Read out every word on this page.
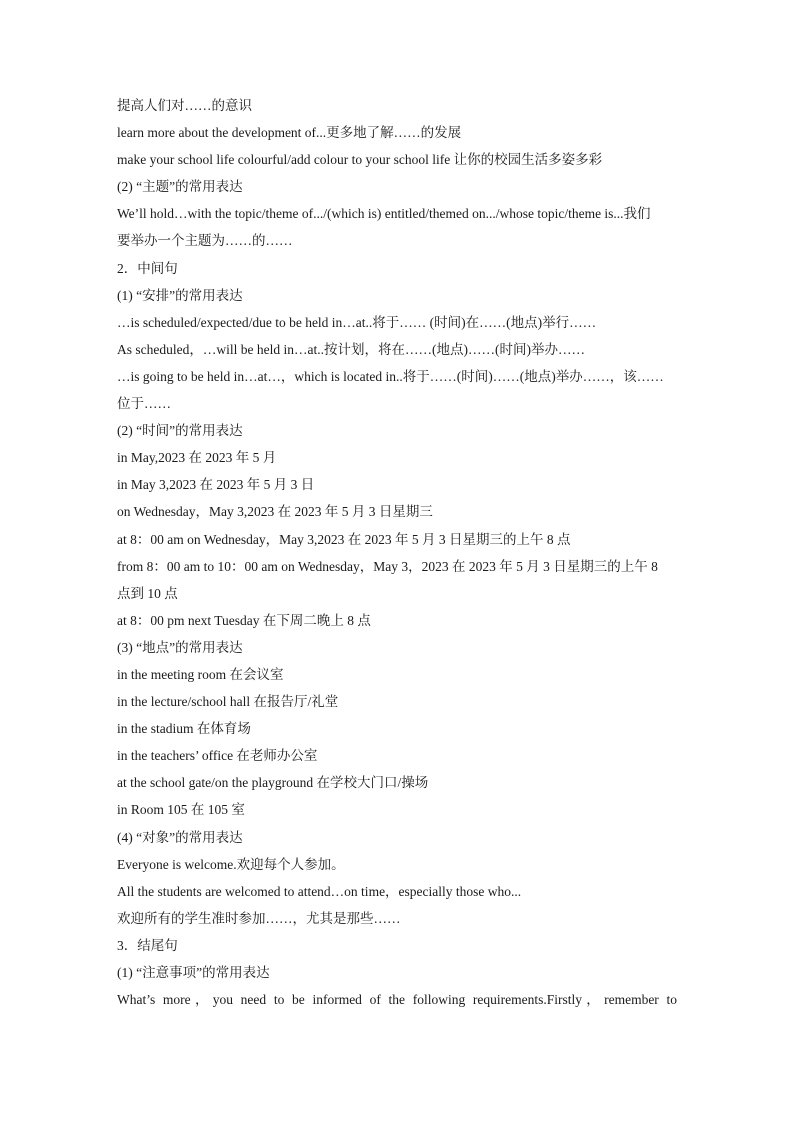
提高人们对……的意识
learn more about the development of...更多地了解……的发展
make your school life colourful/add colour to your school life 让你的校园生活多姿多彩
(2) “主题”的常用表达
We’ll hold…with the topic/theme of.../(which is) entitled/themed on.../whose topic/theme is...我们
要举办一个主题为……的……
2．中间句
(1) “安排”的常用表达
…is scheduled/expected/due to be held in…at..将于…… (时间)在……(地点)举行……
As scheduled，…will be held in…at..按计划，将在……(地点)……(时间)举办……
…is going to be held in…at…，which is located in..将于……(时间)……(地点)举办……，该……
位于……
(2) “时间”的常用表达
in May,2023 在 2023 年 5 月
in May 3,2023 在 2023 年 5 月 3 日
on Wednesday，May 3,2023 在 2023 年 5 月 3 日星期三
at 8：00 am on Wednesday，May 3,2023 在 2023 年 5 月 3 日星期三的上午 8 点
from 8：00 am to 10：00 am on Wednesday，May 3，2023 在 2023 年 5 月 3 日星期三的上午 8
点到 10 点
at 8：00 pm next Tuesday 在下周二晚上 8 点
(3) “地点”的常用表达
in the meeting room 在会议室
in the lecture/school hall 在报告厅/礼堂
in the stadium 在体育场
in the teachers’ office 在老师办公室
at the school gate/on the playground 在学校大门口/操场
in Room 105 在 105 室
(4) “对象”的常用表达
Everyone is welcome.欢迎每个人参加。
All the students are welcomed to attend…on time，especially those who...
欢迎所有的学生准时参加……，尤其是那些……
3．结尾句
(1) “注意事项”的常用表达
What’s more，you need to be informed of the following requirements.Firstly，remember to
